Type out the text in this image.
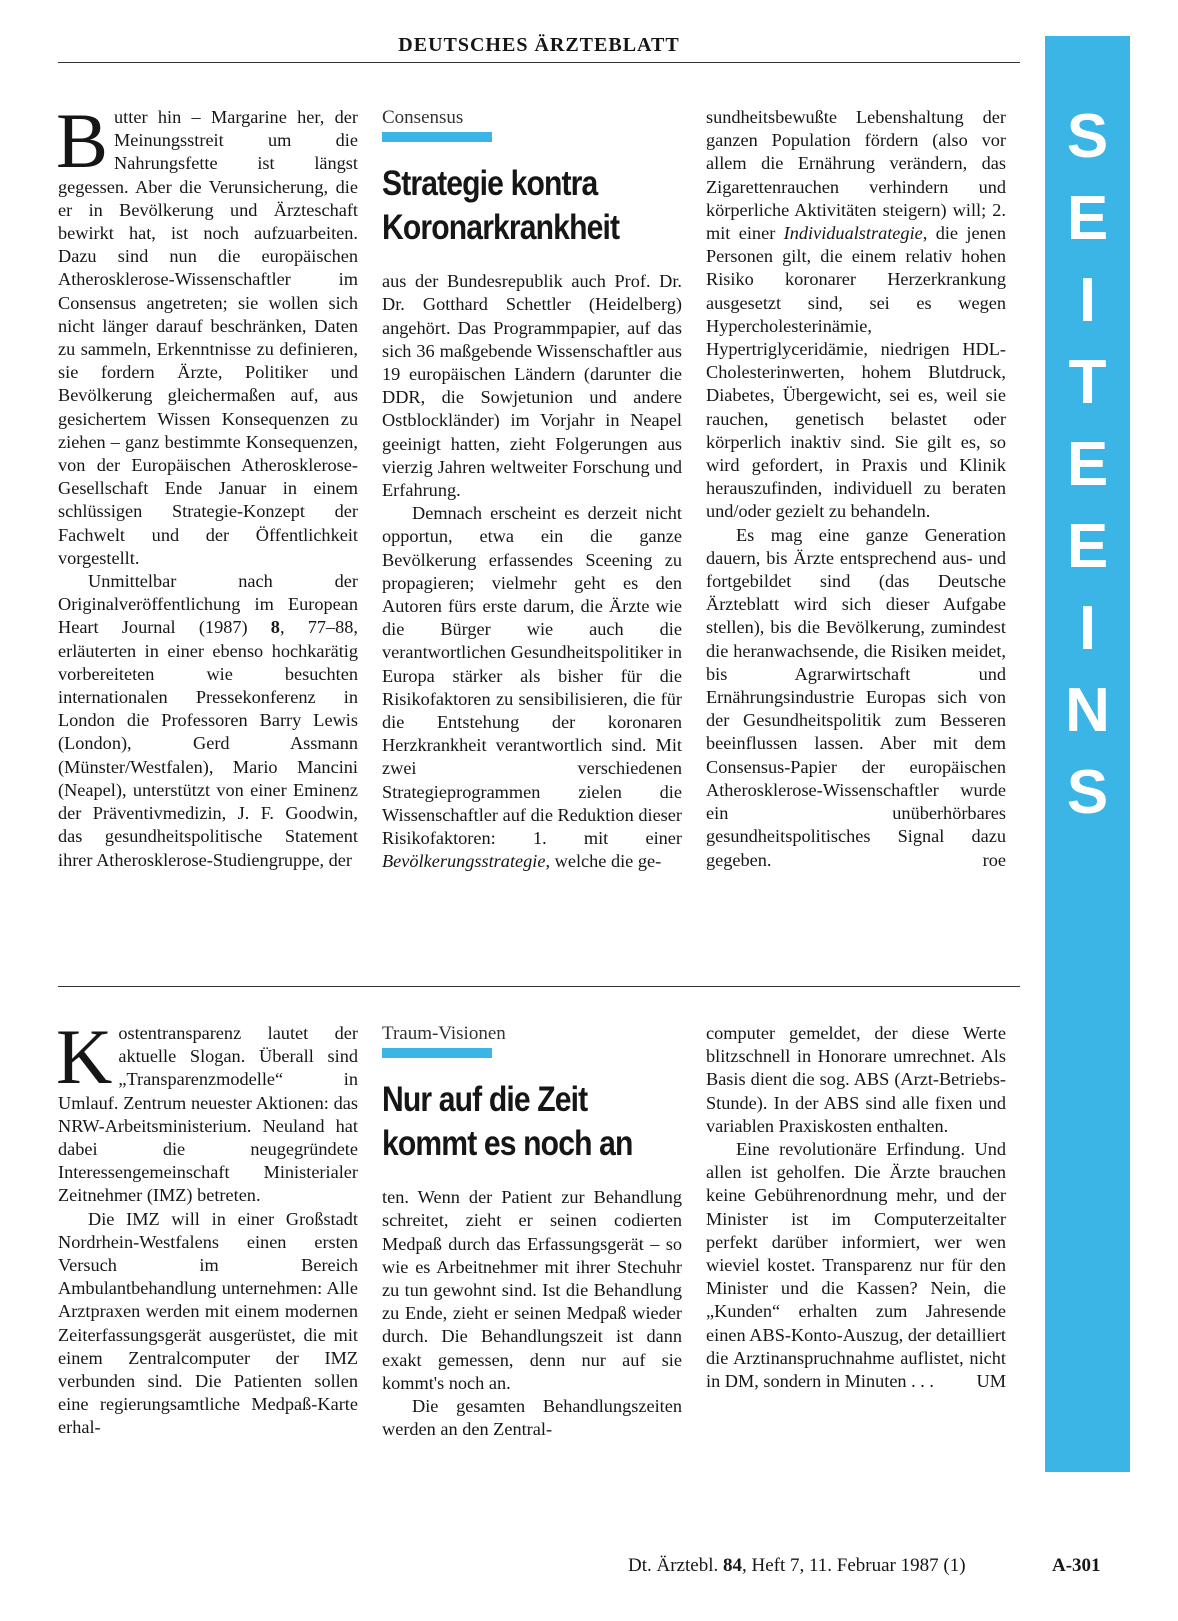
DEUTSCHES ÄRZTEBLATT
S
E
I
T
E
E
I
N
S

Butter hin – Margarine her, der Meinungsstreit um die Nahrungsfette ist längst gegessen. Aber die Verunsicherung, die er in Bevölkerung und Ärzteschaft bewirkt hat, ist noch aufzuarbeiten. Dazu sind nun die europäischen Atherosklerose-Wissenschaftler im Consensus angetreten; sie wollen sich nicht länger darauf beschränken, Daten zu sammeln, Erkenntnisse zu definieren, sie fordern Ärzte, Politiker und Bevölkerung gleichermaßen auf, aus gesichertem Wissen Konsequenzen zu ziehen – ganz bestimmte Konsequenzen, von der Europäischen Atherosklerose-Gesellschaft Ende Januar in einem schlüssigen Strategie-Konzept der Fachwelt und der Öffentlichkeit vorgestellt.

Unmittelbar nach der Originalveröffentlichung im European Heart Journal (1987) 8, 77–88, erläuterten in einer ebenso hochkarätig vorbereiteten wie besuchten internationalen Pressekonferenz in London die Professoren Barry Lewis (London), Gerd Assmann (Münster/Westfalen), Mario Mancini (Neapel), unterstützt von einer Eminenz der Präventivmedizin, J. F. Goodwin, das gesundheitspolitische Statement ihrer Atherosklerose-Studiengruppe, der

Consensus
Strategie kontra
Koronarkrankheit

aus der Bundesrepublik auch Prof. Dr. Dr. Gotthard Schettler (Heidelberg) angehört. Das Programmpapier, auf das sich 36 maßgebende Wissenschaftler aus 19 europäischen Ländern (darunter die DDR, die Sowjetunion und andere Ostblockländer) im Vorjahr in Neapel geeinigt hatten, zieht Folgerungen aus vierzig Jahren weltweiter Forschung und Erfahrung.

Demnach erscheint es derzeit nicht opportun, etwa ein die ganze Bevölkerung erfassendes Sceening zu propagieren; vielmehr geht es den Autoren fürs erste darum, die Ärzte wie die Bürger wie auch die verantwortlichen Gesundheitspolitiker in Europa stärker als bisher für die Risikofaktoren zu sensibilisieren, die für die Entstehung der koronaren Herzkrankheit verantwortlich sind. Mit zwei verschiedenen Strategieprogrammen zielen die Wissenschaftler auf die Reduktion dieser Risikofaktoren: 1. mit einer Bevölkerungsstrategie, welche die ge-

sundheitsbewußte Lebenshaltung der ganzen Population fördern (also vor allem die Ernährung verändern, das Zigarettenrauchen verhindern und körperliche Aktivitäten steigern) will; 2. mit einer Individualstrategie, die jenen Personen gilt, die einem relativ hohen Risiko koronarer Herzerkrankung ausgesetzt sind, sei es wegen Hypercholesterinämie, Hypertriglyceridämie, niedrigen HDL-Cholesterinwerten, hohem Blutdruck, Diabetes, Übergewicht, sei es, weil sie rauchen, genetisch belastet oder körperlich inaktiv sind. Sie gilt es, so wird gefordert, in Praxis und Klinik herauszufinden, individuell zu beraten und/oder gezielt zu behandeln.

Es mag eine ganze Generation dauern, bis Ärzte entsprechend aus- und fortgebildet sind (das Deutsche Ärzteblatt wird sich dieser Aufgabe stellen), bis die Bevölkerung, zumindest die heranwachsende, die Risiken meidet, bis Agrarwirtschaft und Ernährungsindustrie Europas sich von der Gesundheitspolitik zum Besseren beeinflussen lassen. Aber mit dem Consensus-Papier der europäischen Atherosklerose-Wissenschaftler wurde ein unüberhörbares gesundheitspolitisches Signal dazu gegeben.	roe

Kostentransparenz lautet der aktuelle Slogan. Überall sind „Transparenzmodelle“ in Umlauf. Zentrum neuester Aktionen: das NRW-Arbeitsministerium. Neuland hat dabei die neugegründete Interessengemeinschaft Ministerialer Zeitnehmer (IMZ) betreten.

Die IMZ will in einer Großstadt Nordrhein-Westfalens einen ersten Versuch im Bereich Ambulantbehandlung unternehmen: Alle Arztpraxen werden mit einem modernen Zeiterfassungsgerät ausgerüstet, die mit einem Zentralcomputer der IMZ verbunden sind. Die Patienten sollen eine regierungsamtliche Medpaß-Karte erhal-

Traum-Visionen
Nur auf die Zeit
kommt es noch an

ten. Wenn der Patient zur Behandlung schreitet, zieht er seinen codierten Medpaß durch das Erfassungsgerät – so wie es Arbeitnehmer mit ihrer Stechuhr zu tun gewohnt sind. Ist die Behandlung zu Ende, zieht er seinen Medpaß wieder durch. Die Behandlungszeit ist dann exakt gemessen, denn nur auf sie kommt's noch an.

Die gesamten Behandlungszeiten werden an den Zentral-

computer gemeldet, der diese Werte blitzschnell in Honorare umrechnet. Als Basis dient die sog. ABS (Arzt-Betriebs-Stunde). In der ABS sind alle fixen und variablen Praxiskosten enthalten.

Eine revolutionäre Erfindung. Und allen ist geholfen. Die Ärzte brauchen keine Gebührenordnung mehr, und der Minister ist im Computerzeitalter perfekt darüber informiert, wer wen wieviel kostet. Transparenz nur für den Minister und die Kassen? Nein, die „Kunden“ erhalten zum Jahresende einen ABS-Konto-Auszug, der detailliert die Arztinanspruchnahme auflistet, nicht in DM, sondern in Minuten . . .	UM

Dt. Ärztebl. 84, Heft 7, 11. Februar 1987 (1)	A-301
